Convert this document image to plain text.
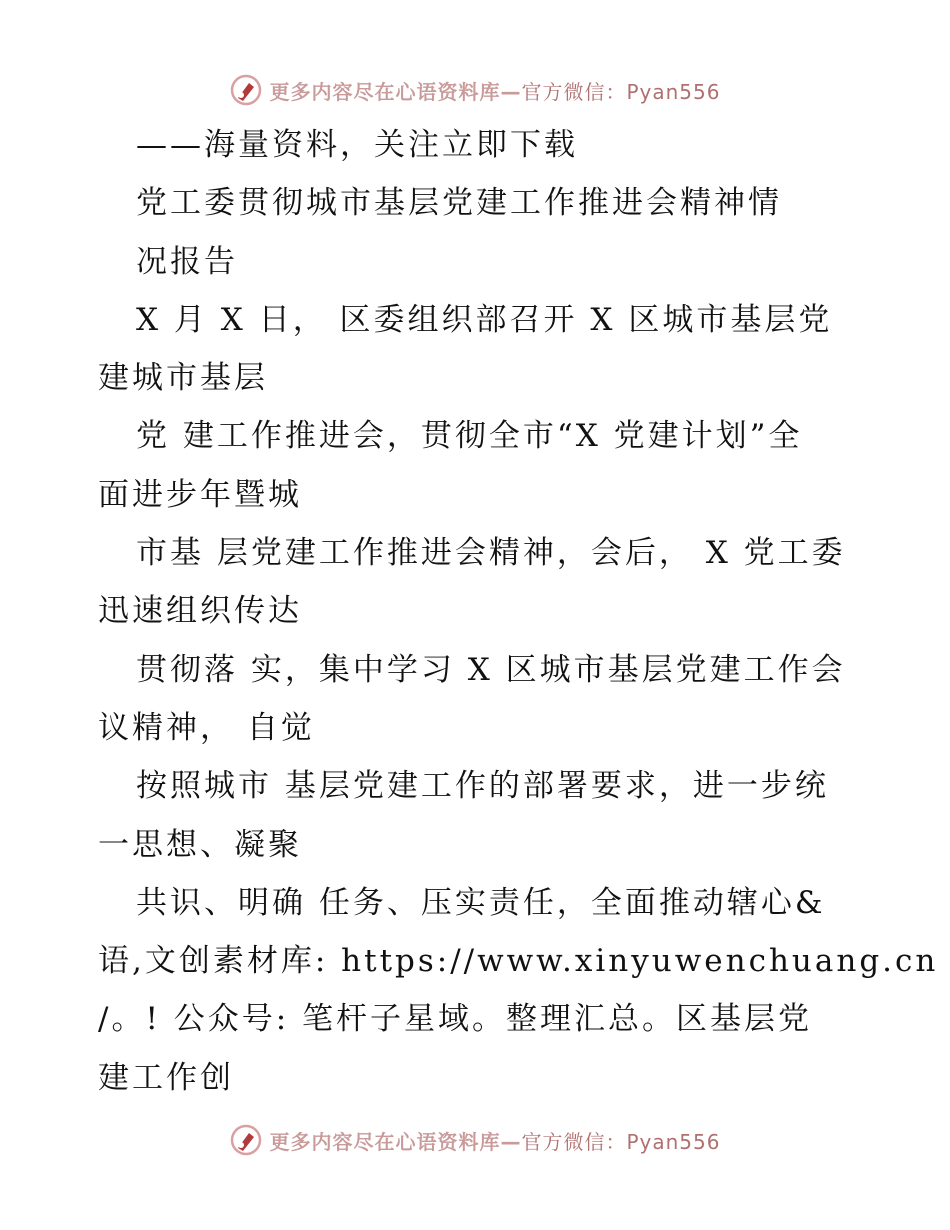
更多内容尽在心语资料库—官方微信：Pyan556
——海量资料，关注立即下载
党工委贯彻城市基层党建工作推进会精神情
况报告
X 月 X 日， 区委组织部召开 X 区城市基层党
建城市基层
党 建工作推进会，贯彻全市“X 党建计划”全
面进步年暨城
市基 层党建工作推进会精神，会后， X 党工委
迅速组织传达
贯彻落 实，集中学习 X 区城市基层党建工作会
议精神， 自觉
按照城市 基层党建工作的部署要求，进一步统
一思想、凝聚
共识、明确 任务、压实责任，全面推动辖心&
语,文创素材库: https://www.xinyuwenchuang.cn
/。! 公众号: 笔杆子星域。整理汇总。区基层党
建工作创
更多内容尽在心语资料库—官方微信：Pyan556
